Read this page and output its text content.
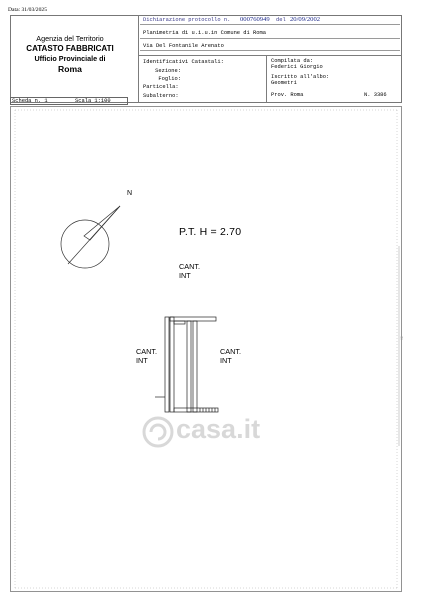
Data: 31/03/2025
Agenzia del Territorio
CATASTO FABBRICATI
Ufficio Provinciale di
Roma
Dichiarazione protocollo n. 000760949 del 20/09/2002
Planimetria di u.i.u.in Comune di Roma
Via Del Fontanile Arenato
Identificativi Catastali:
Sezione:
Foglio:
Particella:
Subalterno:
Compilata da:
Federici Giorgio
Iscritto all'albo:
Geometri
Prov. Roma	N. 3386
Scheda n. 1	Scala 1:100
|||||
N
P.T. H = 2.70
CANT.
INT
CANT.
INT
CANT.
INT
casa.it
